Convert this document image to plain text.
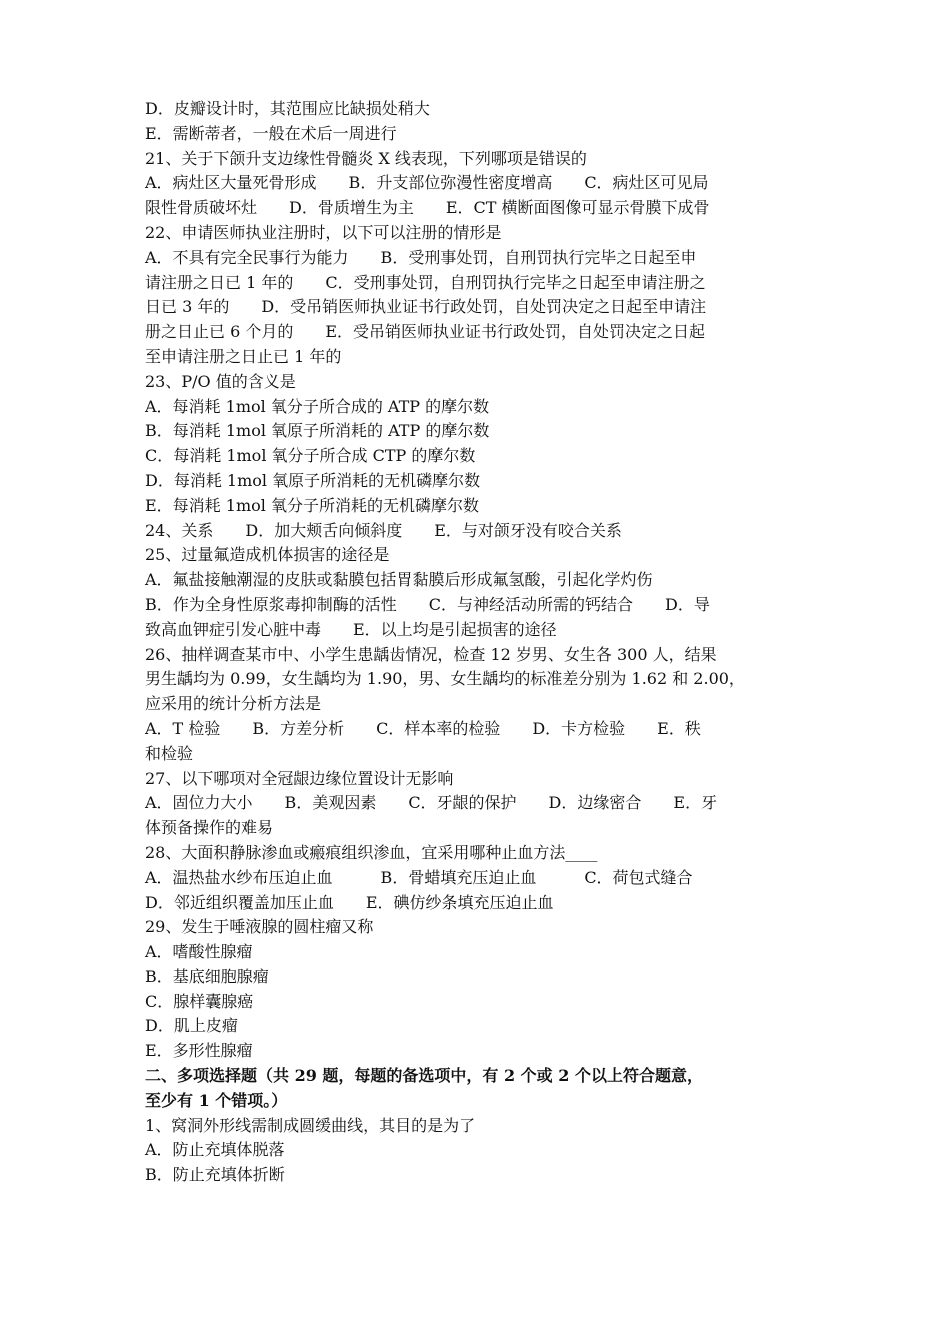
D．皮瓣设计时，其范围应比缺损处稍大
E．需断蒂者，一般在术后一周进行
21、关于下颌升支边缘性骨髓炎 X 线表现，下列哪项是错误的
A．病灶区大量死骨形成　　B．升支部位弥漫性密度增高　　C．病灶区可见局
限性骨质破坏灶　　D．骨质增生为主　　E．CT 横断面图像可显示骨膜下成骨
22、申请医师执业注册时，以下可以注册的情形是
A．不具有完全民事行为能力　　B．受刑事处罚，自刑罚执行完毕之日起至申
请注册之日已 1 年的　　C．受刑事处罚，自刑罚执行完毕之日起至申请注册之
日已 3 年的　　D．受吊销医师执业证书行政处罚，自处罚决定之日起至申请注
册之日止已 6 个月的　　E．受吊销医师执业证书行政处罚，自处罚决定之日起
至申请注册之日止已 1 年的
23、P/O 值的含义是
A．每消耗 1mol 氧分子所合成的 ATP 的摩尔数
B．每消耗 1mol 氧原子所消耗的 ATP 的摩尔数
C．每消耗 1mol 氧分子所合成 CTP 的摩尔数
D．每消耗 1mol 氧原子所消耗的无机磷摩尔数
E．每消耗 1mol 氧分子所消耗的无机磷摩尔数
24、关系　　D．加大颊舌向倾斜度　　E．与对颌牙没有咬合关系
25、过量氟造成机体损害的途径是
A．氟盐接触潮湿的皮肤或黏膜包括胃黏膜后形成氟氢酸，引起化学灼伤
B．作为全身性原浆毒抑制酶的活性　　C．与神经活动所需的钙结合　　D．导
致高血钾症引发心脏中毒　　E．以上均是引起损害的途径
26、抽样调查某市中、小学生患龋齿情况，检查 12 岁男、女生各 300 人，结果
男生龋均为 0.99，女生龋均为 1.90，男、女生龋均的标准差分别为 1.62 和 2.00，
应采用的统计分析方法是
A．T 检验　　B．方差分析　　C．样本率的检验　　D．卡方检验　　E．秩
和检验
27、以下哪项对全冠龈边缘位置设计无影响
A．固位力大小　　B．美观因素　　C．牙龈的保护　　D．边缘密合　　E．牙
体预备操作的难易
28、大面积静脉渗血或瘢痕组织渗血，宜采用哪种止血方法____
A．温热盐水纱布压迫止血　　　B．骨蜡填充压迫止血　　　C．荷包式缝合
D．邻近组织覆盖加压止血　　E．碘仿纱条填充压迫止血
29、发生于唾液腺的圆柱瘤又称
A．嗜酸性腺瘤
B．基底细胞腺瘤
C．腺样囊腺癌
D．肌上皮瘤
E．多形性腺瘤
二、多项选择题（共 29 题，每题的备选项中，有 2 个或 2 个以上符合题意，
至少有 1 个错项。）
1、窝洞外形线需制成圆缓曲线，其目的是为了
A．防止充填体脱落
B．防止充填体折断
